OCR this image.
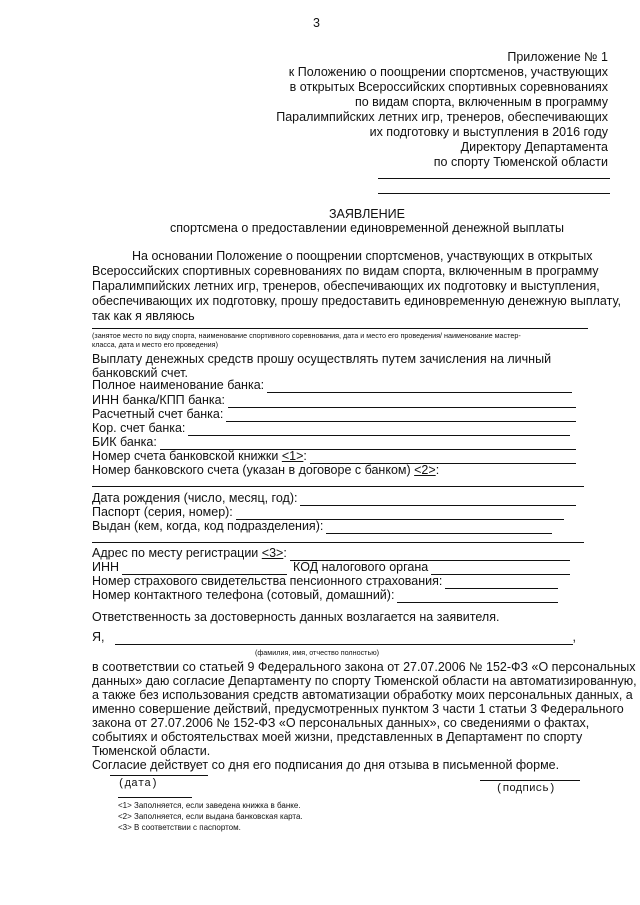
3
Приложение № 1
к Положению о поощрении спортсменов, участвующих
в открытых Всероссийских спортивных соревнованиях
по видам спорта, включенным в программу
Паралимпийских летних игр, тренеров, обеспечивающих
их подготовку и выступления в 2016 году
Директору Департамента
по спорту Тюменской области
ЗАЯВЛЕНИЕ
спортсмена о предоставлении единовременной денежной выплаты
На основании Положение о поощрении спортсменов, участвующих в открытых
Всероссийских спортивных соревнованиях по видам спорта, включенным в программу
Паралимпийских летних игр, тренеров, обеспечивающих их подготовку и выступления,
обеспечивающих их подготовку, прошу предоставить единовременную денежную выплату,
так как я являюсь
(занятое место по виду спорта, наименование спортивного соревнования, дата и место его проведения/ наименование мастер-
класса, дата и место его проведения)
Выплату денежных средств прошу осуществлять путем зачисления на личный
банковский счет.
Полное наименование банка:
ИНН банка/КПП банка:
Расчетный счет банка:
Кор. счет банка:
БИК банка:
Номер счета банковской книжки <1> :
Номер банковского счета (указан в договоре с банком) <2> :
Дата рождения (число, месяц, год):
Паспорт (серия, номер):
Выдан (кем, когда, код подразделения):
Адрес по месту регистрации <3> :
ИНН	КОД налогового органа
Номер страхового свидетельства пенсионного страхования:
Номер контактного телефона (сотовый, домашний):
Ответственность за достоверность данных возлагается на заявителя.
Я,	,
(фамилия, имя, отчество полностью)
в соответствии со статьей 9 Федерального закона от 27.07.2006 № 152-ФЗ «О персональных
данных» даю согласие Департаменту по спорту Тюменской области на автоматизированную,
а также без использования средств автоматизации обработку моих персональных данных, а
именно совершение действий, предусмотренных пунктом 3 части 1 статьи 3 Федерального
закона от 27.07.2006 № 152-ФЗ «О персональных данных», со сведениями о фактах,
событиях и обстоятельствах моей жизни, представленных в Департамент по спорту
Тюменской области.
Согласие действует со дня его подписания до дня отзыва в письменной форме.
(дата)	(подпись)
<1> Заполняется, если заведена книжка в банке.
<2> Заполняется, если выдана банковская карта.
<3> В соответствии с паспортом.
